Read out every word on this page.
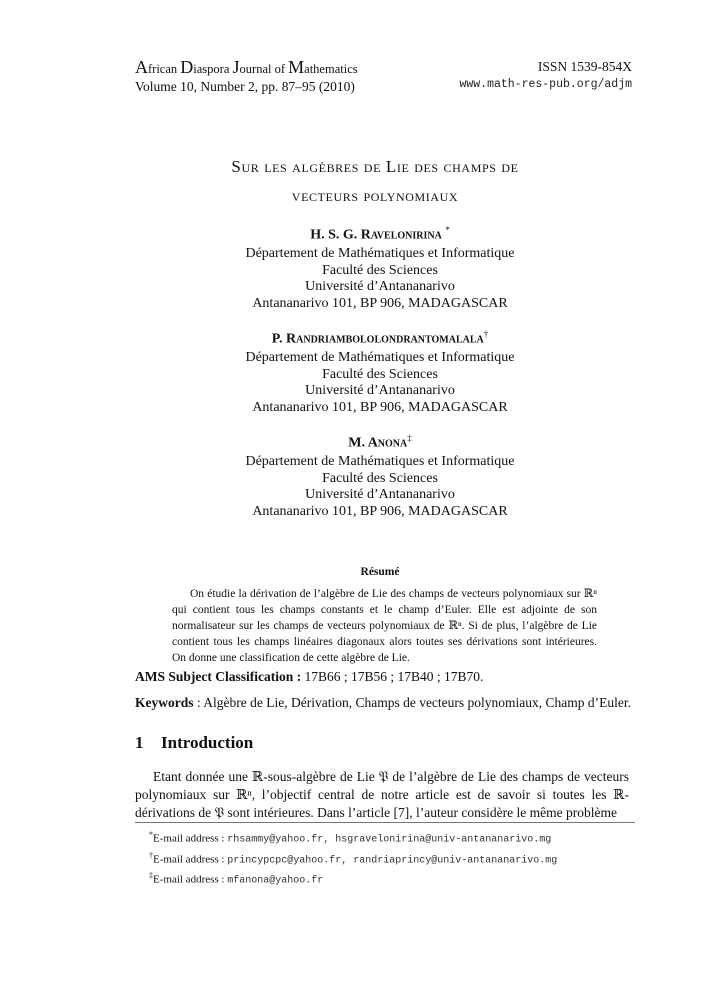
African Diaspora Journal of Mathematics
Volume 10, Number 2, pp. 87–95 (2010)
ISSN 1539-854X
www.math-res-pub.org/adjm
Sur les algèbres de Lie des champs de
vecteurs polynomiaux
H. S. G. Ravelonirina *
Département de Mathématiques et Informatique
Faculté des Sciences
Université d’Antananarivo
Antananarivo 101, BP 906, MADAGASCAR
P. Randriambololondrantomalala†
Département de Mathématiques et Informatique
Faculté des Sciences
Université d’Antananarivo
Antananarivo 101, BP 906, MADAGASCAR
M. Anona‡
Département de Mathématiques et Informatique
Faculté des Sciences
Université d’Antananarivo
Antananarivo 101, BP 906, MADAGASCAR
Résumé
On étudie la dérivation de l’algèbre de Lie des champs de vecteurs polynomiaux sur ℝⁿ qui contient tous les champs constants et le champ d’Euler. Elle est adjointe de son normalisateur sur les champs de vecteurs polynomiaux de ℝⁿ. Si de plus, l’algèbre de Lie contient tous les champs linéaires diagonaux alors toutes ses dérivations sont intérieures. On donne une classification de cette algèbre de Lie.
AMS Subject Classification : 17B66 ; 17B56 ; 17B40 ; 17B70.
Keywords : Algèbre de Lie, Dérivation, Champs de vecteurs polynomiaux, Champ d’Euler.
1 Introduction
Etant donnée une ℝ-sous-algèbre de Lie 𝔓 de l’algèbre de Lie des champs de vecteurs polynomiaux sur ℝⁿ, l’objectif central de notre article est de savoir si toutes les ℝ-dérivations de 𝔓 sont intérieures. Dans l’article [7], l’auteur considère le même problème
*E-mail address : rhsammy@yahoo.fr, hsgravelonirina@univ-antananarivo.mg
†E-mail address : princypcpc@yahoo.fr, randriaprincy@univ-antananarivo.mg
‡E-mail address : mfanona@yahoo.fr
